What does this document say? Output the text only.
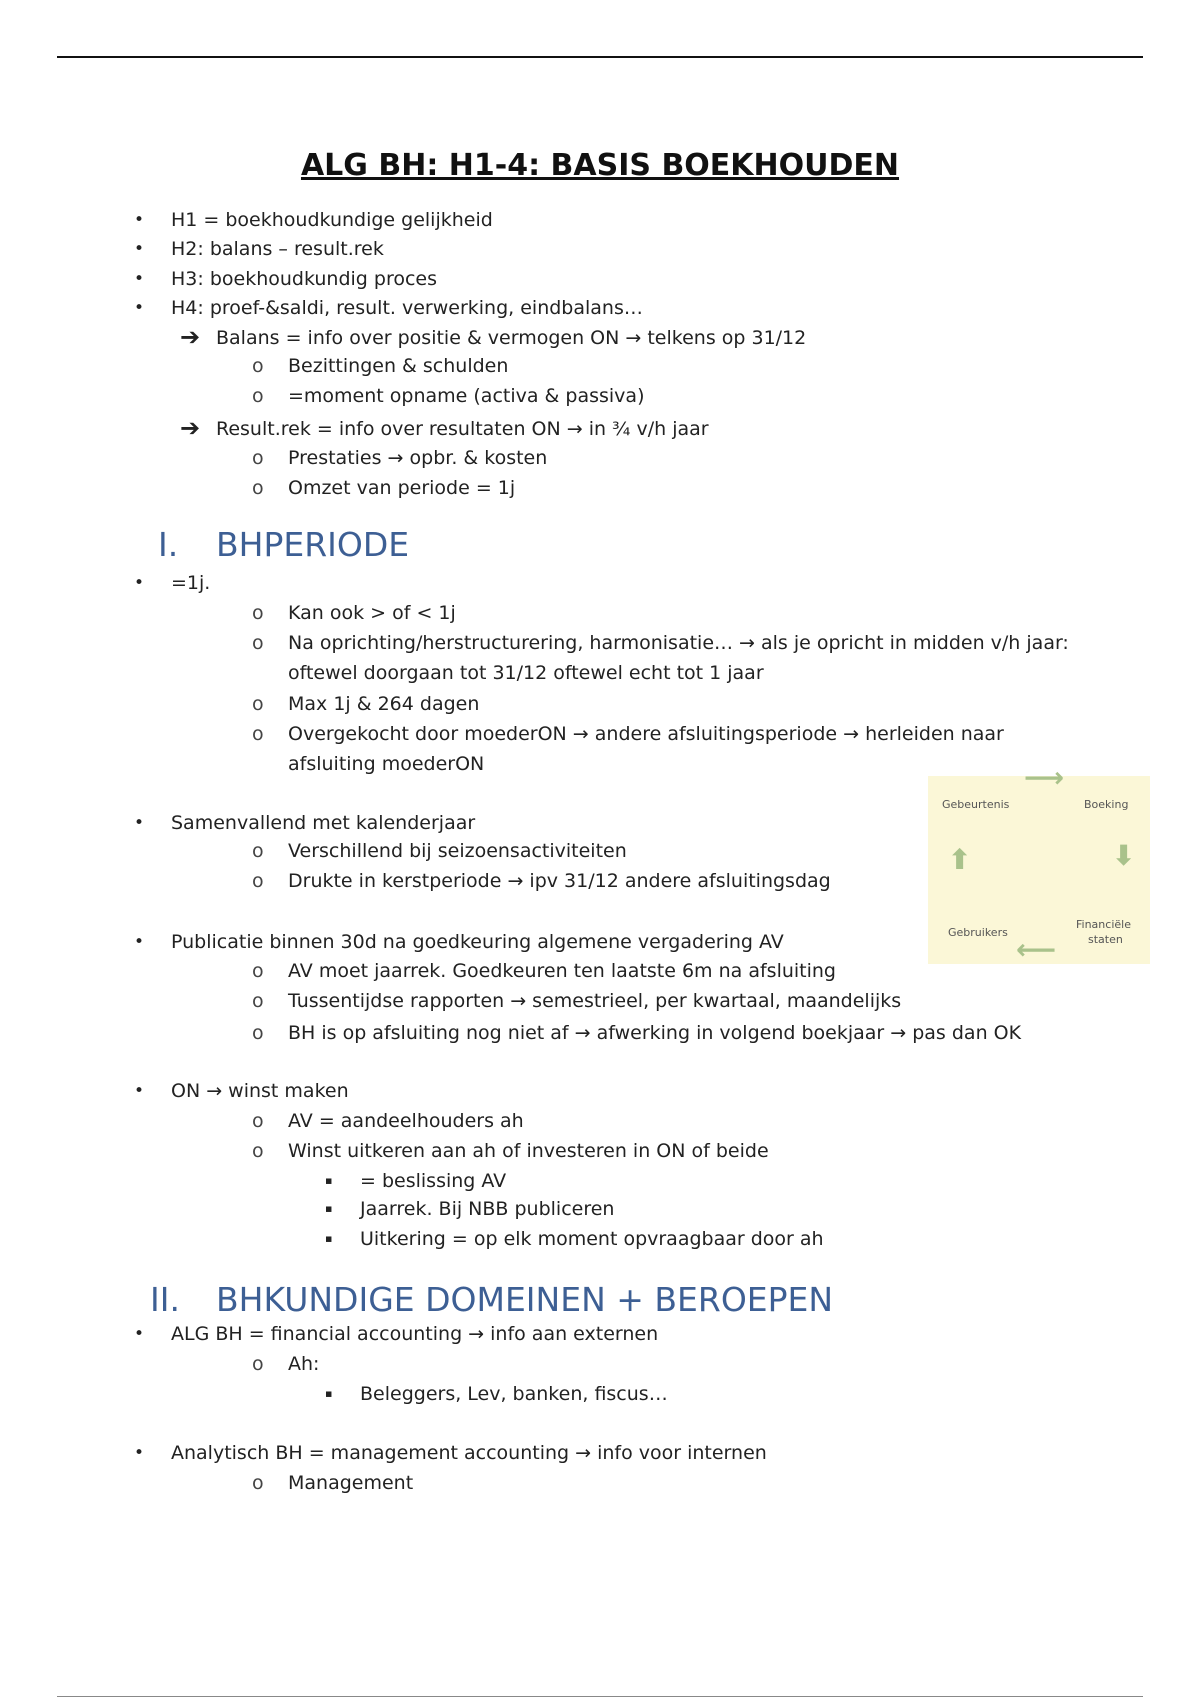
ALG BH: H1-4: BASIS BOEKHOUDEN
• H1 = boekhoudkundige gelijkheid
• H2: balans – result.rek
• H3: boekhoudkundig proces
• H4: proef-&saldi, result. verwerking, eindbalans…
➔ Balans = info over positie & vermogen ON → telkens op 31/12
o Bezittingen & schulden
o =moment opname (activa & passiva)
➔ Result.rek = info over resultaten ON → in ¾ v/h jaar
o Prestaties → opbr. & kosten
o Omzet van periode = 1j
I. BHPERIODE
• =1j.
o Kan ook > of < 1j
o Na oprichting/herstructurering, harmonisatie… → als je opricht in midden v/h jaar:
oftewel doorgaan tot 31/12 oftewel echt tot 1 jaar
o Max 1j & 264 dagen
o Overgekocht door moederON → andere afsluitingsperiode → herleiden naar
afsluiting moederON
• Samenvallend met kalenderjaar
o Verschillend bij seizoensactiviteiten
o Drukte in kerstperiode → ipv 31/12 andere afsluitingsdag
• Publicatie binnen 30d na goedkeuring algemene vergadering AV
o AV moet jaarrek. Goedkeuren ten laatste 6m na afsluiting
o Tussentijdse rapporten → semestrieel, per kwartaal, maandelijks
o BH is op afsluiting nog niet af → afwerking in volgend boekjaar → pas dan OK
• ON → winst maken
o AV = aandeelhouders ah
o Winst uitkeren aan ah of investeren in ON of beide
▪ = beslissing AV
▪ Jaarrek. Bij NBB publiceren
▪ Uitkering = op elk moment opvraagbaar door ah
⟶
Gebeurtenis	Boeking
⬇
⬆
Gebruikers
Financiële
staten
⟵
II. BHKUNDIGE DOMEINEN + BEROEPEN
• ALG BH = financial accounting → info aan externen
o Ah:
▪ Beleggers, Lev, banken, fiscus…
• Analytisch BH = management accounting → info voor internen
o Management
